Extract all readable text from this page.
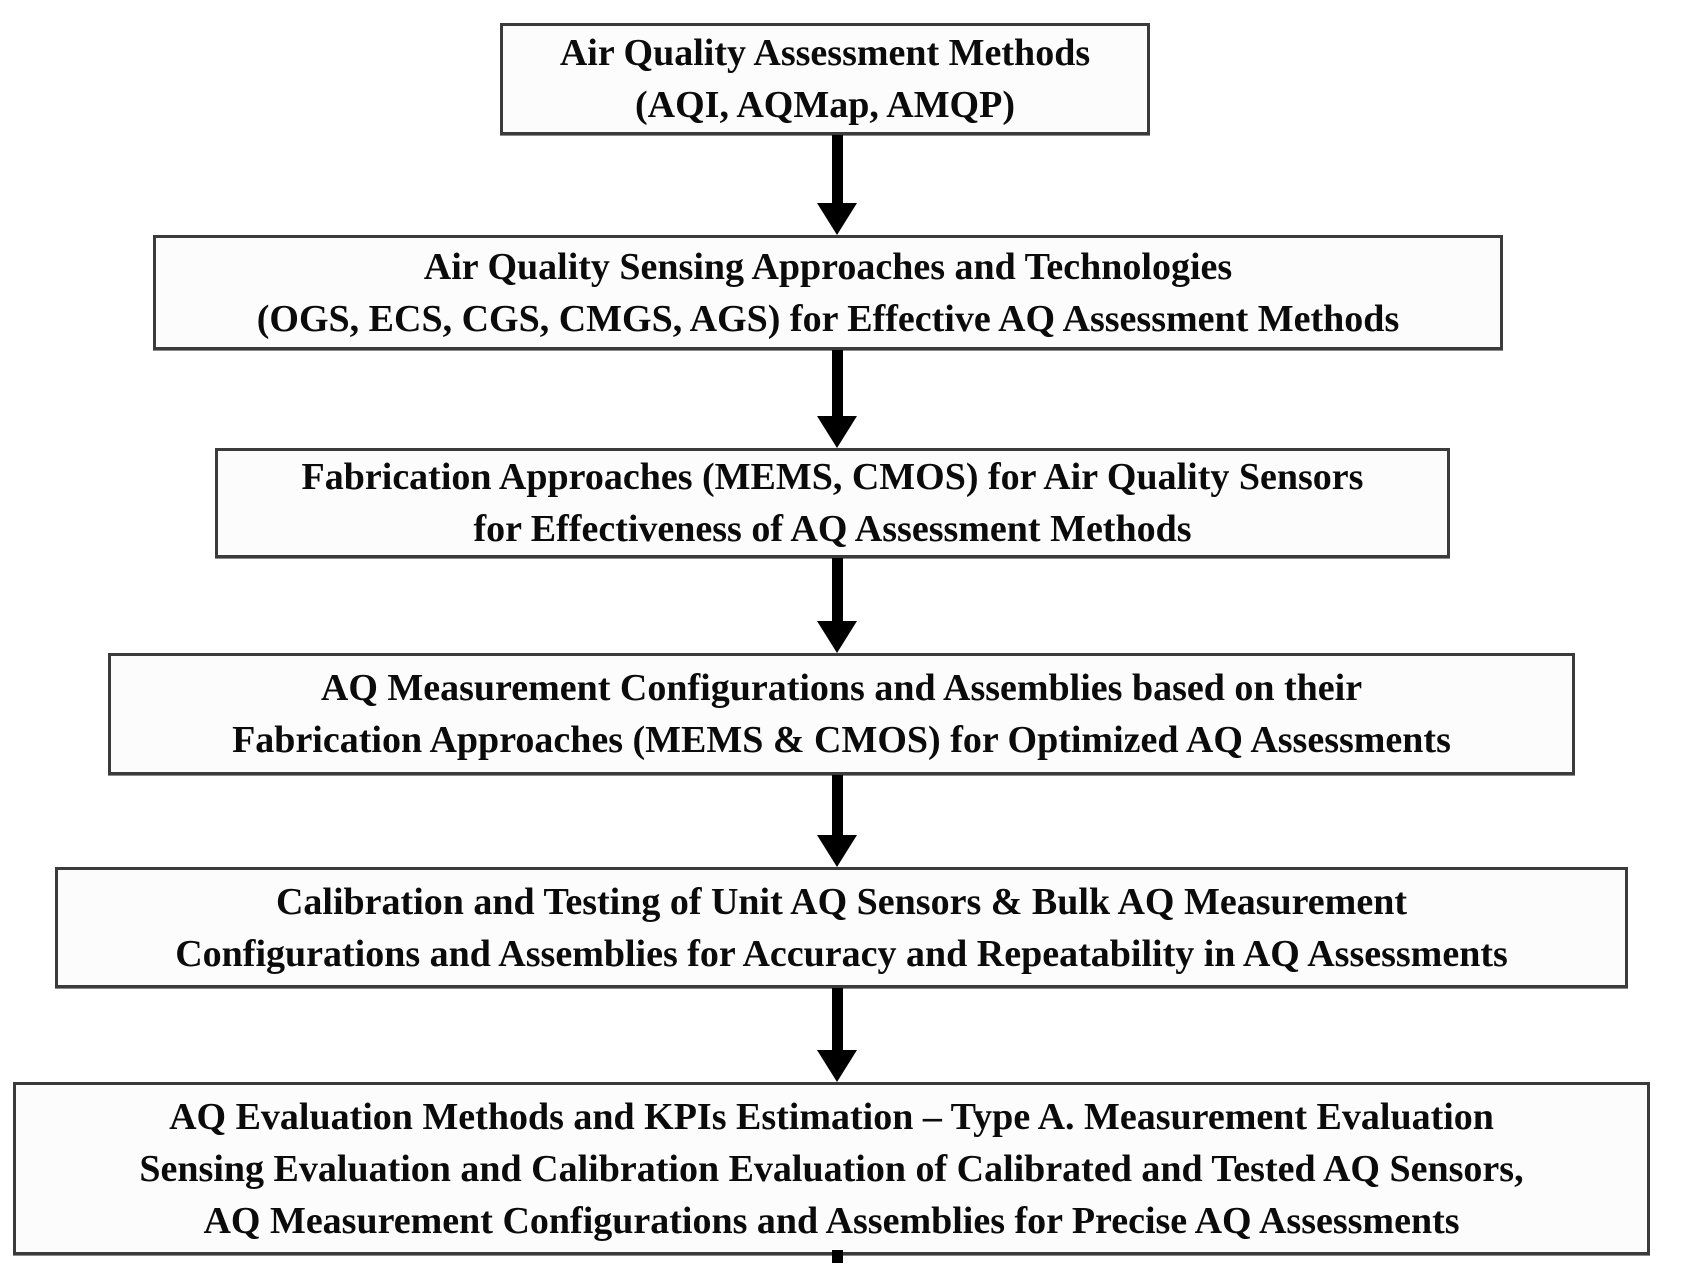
Air Quality Assessment Methods
(AQI, AQMap, AMQP)
Air Quality Sensing Approaches and Technologies
(OGS, ECS, CGS, CMGS, AGS) for Effective AQ Assessment Methods
Fabrication Approaches (MEMS, CMOS) for Air Quality Sensors
for Effectiveness of AQ Assessment Methods
AQ Measurement Configurations and Assemblies based on their
Fabrication Approaches (MEMS & CMOS) for Optimized AQ Assessments
Calibration and Testing of Unit AQ Sensors & Bulk AQ Measurement
Configurations and Assemblies for Accuracy and Repeatability in AQ Assessments
AQ Evaluation Methods and KPIs Estimation – Type A. Measurement Evaluation
Sensing Evaluation and Calibration Evaluation of Calibrated and Tested AQ Sensors,
AQ Measurement Configurations and Assemblies for Precise AQ Assessments
